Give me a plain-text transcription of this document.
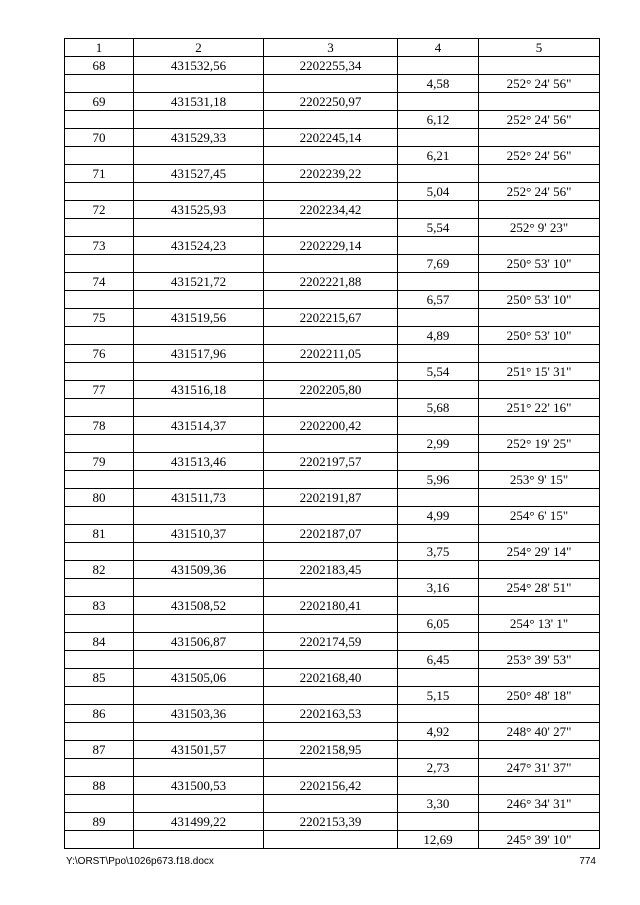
1	2	3	4	5
68	431532,56	2202255,34		
			4,58	252° 24' 56"
69	431531,18	2202250,97		
			6,12	252° 24' 56"
70	431529,33	2202245,14		
			6,21	252° 24' 56"
71	431527,45	2202239,22		
			5,04	252° 24' 56"
72	431525,93	2202234,42		
			5,54	252° 9' 23"
73	431524,23	2202229,14		
			7,69	250° 53' 10"
74	431521,72	2202221,88		
			6,57	250° 53' 10"
75	431519,56	2202215,67		
			4,89	250° 53' 10"
76	431517,96	2202211,05		
			5,54	251° 15' 31"
77	431516,18	2202205,80		
			5,68	251° 22' 16"
78	431514,37	2202200,42		
			2,99	252° 19' 25"
79	431513,46	2202197,57		
			5,96	253° 9' 15"
80	431511,73	2202191,87		
			4,99	254° 6' 15"
81	431510,37	2202187,07		
			3,75	254° 29' 14"
82	431509,36	2202183,45		
			3,16	254° 28' 51"
83	431508,52	2202180,41		
			6,05	254° 13' 1"
84	431506,87	2202174,59		
			6,45	253° 39' 53"
85	431505,06	2202168,40		
			5,15	250° 48' 18"
86	431503,36	2202163,53		
			4,92	248° 40' 27"
87	431501,57	2202158,95		
			2,73	247° 31' 37"
88	431500,53	2202156,42		
			3,30	246° 34' 31"
89	431499,22	2202153,39		
			12,69	245° 39' 10"
Y:\ORST\Ppo\1026p673.f18.docx	774
